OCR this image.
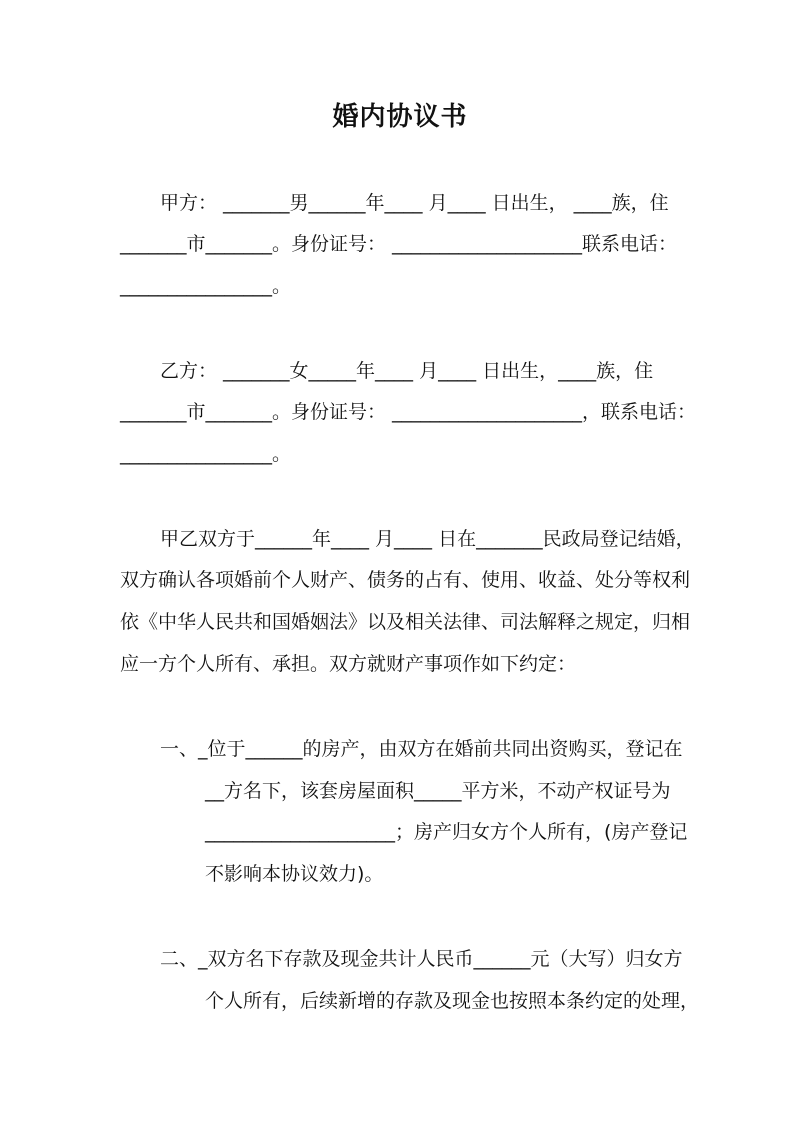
婚内协议书
甲方： _______男______年____ 月____ 日出生， ____族，住
_______市_______。身份证号： ____________________联系电话：
________________。
乙方： _______女_____年____ 月____ 日出生，____族，住
_______市_______。身份证号： ____________________，联系电话：
________________。
甲乙双方于______年____ 月____ 日在_______民政局登记结婚，
双方确认各项婚前个人财产、债务的占有、使用、收益、处分等权利
依《中华人民共和国婚姻法》以及相关法律、司法解释之规定，归相
应一方个人所有、承担。双方就财产事项作如下约定：
一、_位于______的房产，由双方在婚前共同出资购买，登记在
__方名下，该套房屋面积_____平方米，不动产权证号为
____________________；房产归女方个人所有，(房产登记
不影响本协议效力)。
二、_双方名下存款及现金共计人民币______元（大写）归女方
个人所有，后续新增的存款及现金也按照本条约定的处理，
